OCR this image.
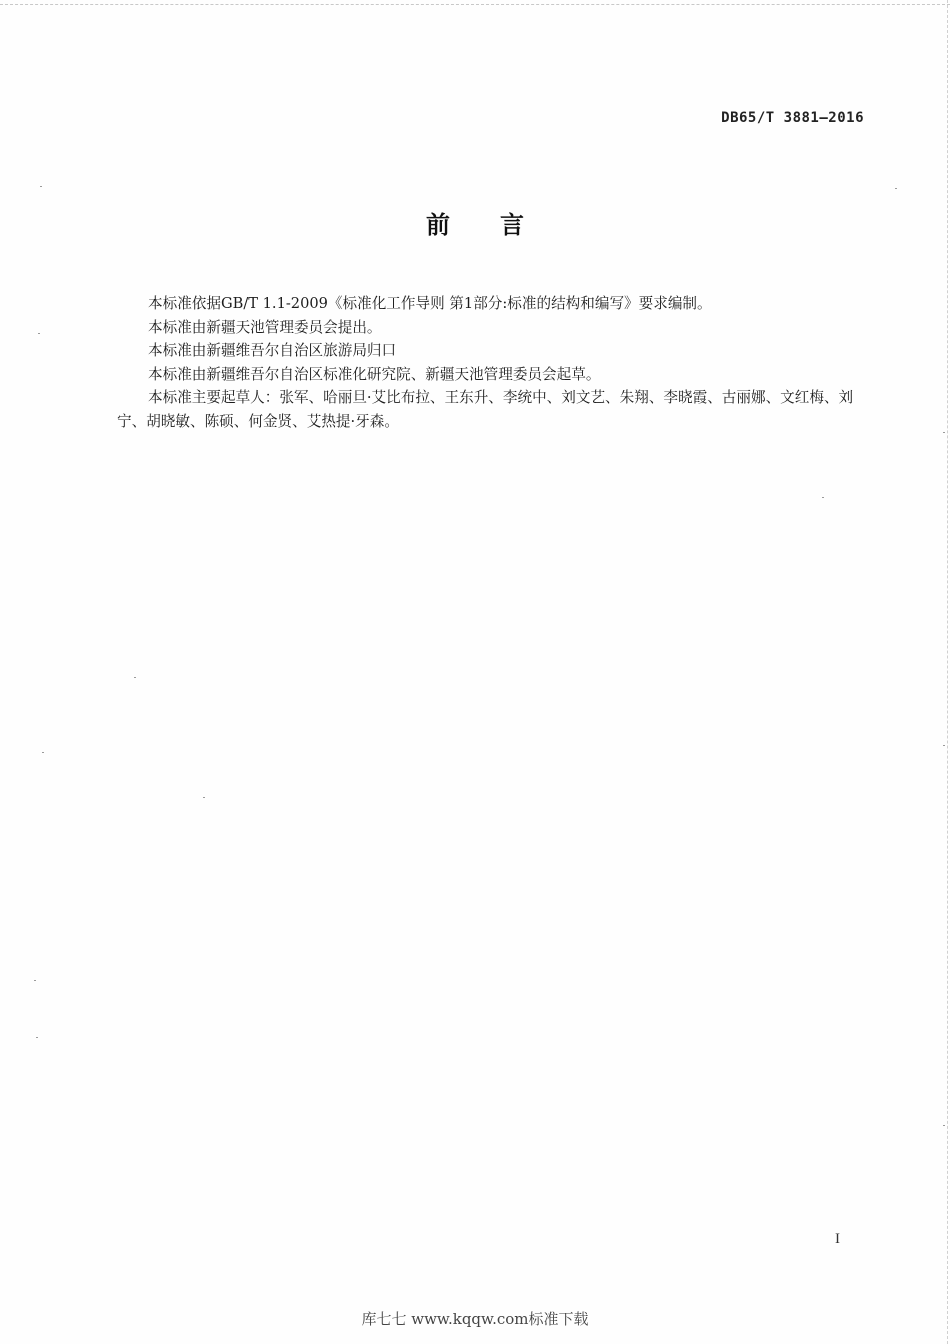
DB65/T 3881—2016
前言

本标准依据GB/T 1.1-2009《标准化工作导则 第1部分:标准的结构和编写》要求编制。

本标准由新疆天池管理委员会提出。

本标准由新疆维吾尔自治区旅游局归口

本标准由新疆维吾尔自治区标准化研究院、新疆天池管理委员会起草。

本标准主要起草人：张军、哈丽旦·艾比布拉、王东升、李统中、刘文艺、朱翔、李晓霞、古丽娜、文红梅、刘宁、胡晓敏、陈硕、何金贤、艾热提·牙森。

I
库七七 www.kqqw.com标准下载
